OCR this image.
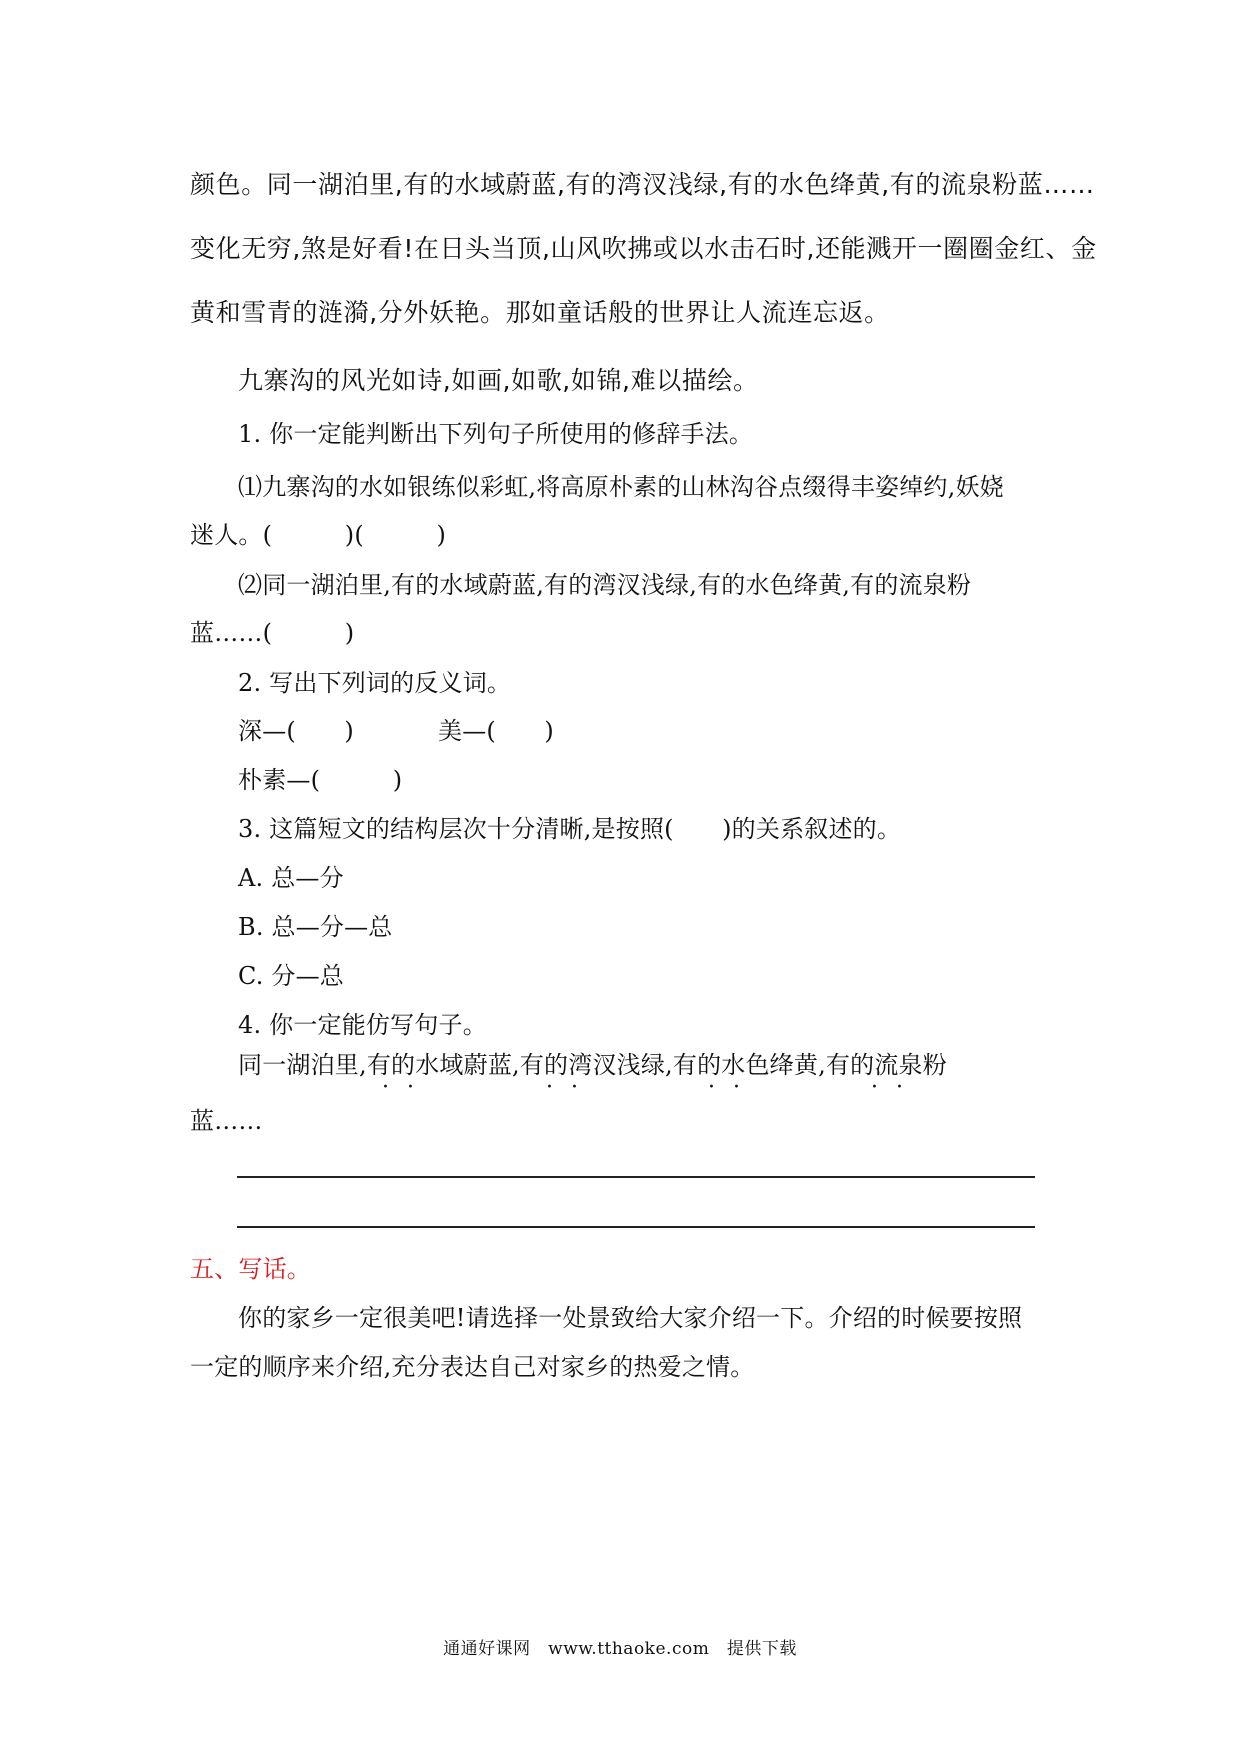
颜色。同一湖泊里,有的水域蔚蓝,有的湾汊浅绿,有的水色绛黄,有的流泉粉蓝……
变化无穷,煞是好看!在日头当顶,山风吹拂或以水击石时,还能溅开一圈圈金红、金
黄和雪青的涟漪,分外妖艳。那如童话般的世界让人流连忘返。
九寨沟的风光如诗,如画,如歌,如锦,难以描绘。
1. 你一定能判断出下列句子所使用的修辞手法。
⑴九寨沟的水如银练似彩虹,将高原朴素的山林沟谷点缀得丰姿绰约,妖娆
迷人。(　　　)(　　　)
⑵同一湖泊里,有的水域蔚蓝,有的湾汊浅绿,有的水色绛黄,有的流泉粉
蓝……(　　　)
2. 写出下列词的反义词。
深—(　　)	美—(　　)
朴素—(　　　)
3. 这篇短文的结构层次十分清晰,是按照(　　)的关系叙述的。
A. 总—分
B. 总—分—总
C. 分—总
4. 你一定能仿写句子。
同一湖泊里,有的水域蔚蓝,有的湾汊浅绿,有的水色绛黄,有的流泉粉
· ·	· ·	· ·	· ·
蓝……
五、写话。
你的家乡一定很美吧!请选择一处景致给大家介绍一下。介绍的时候要按照
一定的顺序来介绍,充分表达自己对家乡的热爱之情。
通通好课网　www.tthaoke.com　提供下载
